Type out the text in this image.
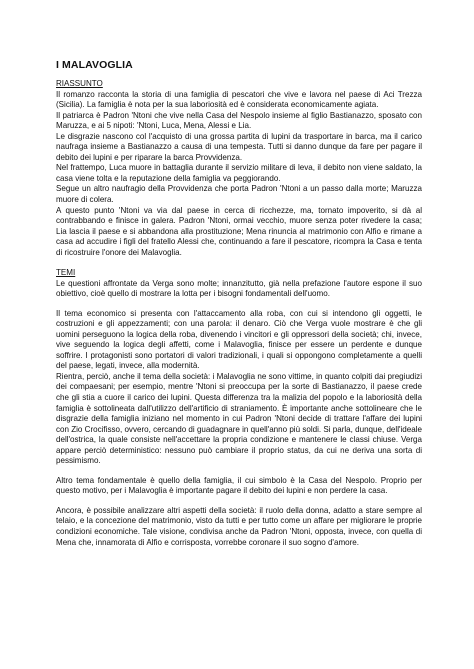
I MALAVOGLIA
RIASSUNTO
Il romanzo racconta la storia di una famiglia di pescatori che vive e lavora nel paese di Aci Trezza (Sicilia). La famiglia è nota per la sua laboriosità ed è considerata economicamente agiata.
Il patriarca è Padron 'Ntoni che vive nella Casa del Nespolo insieme al figlio Bastianazzo, sposato con Maruzza, e ai 5 nipoti: 'Ntoni, Luca, Mena, Alessi e Lia.
Le disgrazie nascono col l'acquisto di una grossa partita di lupini da trasportare in barca, ma il carico naufraga insieme a Bastianazzo a causa di una tempesta. Tutti si danno dunque da fare per pagare il debito dei lupini e per riparare la barca Provvidenza.
Nel frattempo, Luca muore in battaglia durante il servizio militare di leva, il debito non viene saldato, la casa viene tolta e la reputazione della famiglia va peggiorando.
Segue un altro naufragio della Provvidenza che porta Padron 'Ntoni a un passo dalla morte; Maruzza muore di colera.
A questo punto 'Ntoni va via dal paese in cerca di ricchezze, ma, tornato impoverito, si dà al contrabbando e finisce in galera. Padron 'Ntoni, ormai vecchio, muore senza poter rivedere la casa; Lia lascia il paese e si abbandona alla prostituzione; Mena rinuncia al matrimonio con Alfio e rimane a casa ad accudire i figli del fratello Alessi che, continuando a fare il pescatore, ricompra la Casa e tenta di ricostruire l'onore dei Malavoglia.
TEMI
Le questioni affrontate da Verga sono molte; innanzitutto, già nella prefazione l'autore espone il suo obiettivo, cioè quello di mostrare la lotta per i bisogni fondamentali dell'uomo.
Il tema economico si presenta con l'attaccamento alla roba, con cui si intendono gli oggetti, le costruzioni e gli appezzamenti; con una parola: il denaro. Ciò che Verga vuole mostrare è che gli uomini perseguono la logica della roba, divenendo i vincitori e gli oppressori della società; chi, invece, vive seguendo la logica degli affetti, come i Malavoglia, finisce per essere un perdente e dunque soffrire. I protagonisti sono portatori di valori tradizionali, i quali si oppongono completamente a quelli del paese, legati, invece, alla modernità.
Rientra, perciò, anche il tema della società: i Malavoglia ne sono vittime, in quanto colpiti dai pregiudizi dei compaesani; per esempio, mentre 'Ntoni si preoccupa per la sorte di Bastianazzo, il paese crede che gli stia a cuore il carico dei lupini. Questa differenza tra la malizia del popolo e la laboriosità della famiglia è sottolineata dall'utilizzo dell'artificio di straniamento. È importante anche sottolineare che le disgrazie della famiglia iniziano nel momento in cui Padron 'Ntoni decide di trattare l'affare dei lupini con Zio Crocifisso, ovvero, cercando di guadagnare in quell'anno più soldi. Si parla, dunque, dell'ideale dell'ostrica, la quale consiste nell'accettare la propria condizione e mantenere le classi chiuse. Verga appare perciò deterministico: nessuno può cambiare il proprio status, da cui ne deriva una sorta di pessimismo.
Altro tema fondamentale è quello della famiglia, il cui simbolo è la Casa del Nespolo. Proprio per questo motivo, per i Malavoglia è importante pagare il debito dei lupini e non perdere la casa.
Ancora, è possibile analizzare altri aspetti della società: il ruolo della donna, adatto a stare sempre al telaio, e la concezione del matrimonio, visto da tutti e per tutto come un affare per migliorare le proprie condizioni economiche. Tale visione, condivisa anche da Padron 'Ntoni, opposta, invece, con quella di Mena che, innamorata di Alfio e corrisposta, vorrebbe coronare il suo sogno d'amore.
